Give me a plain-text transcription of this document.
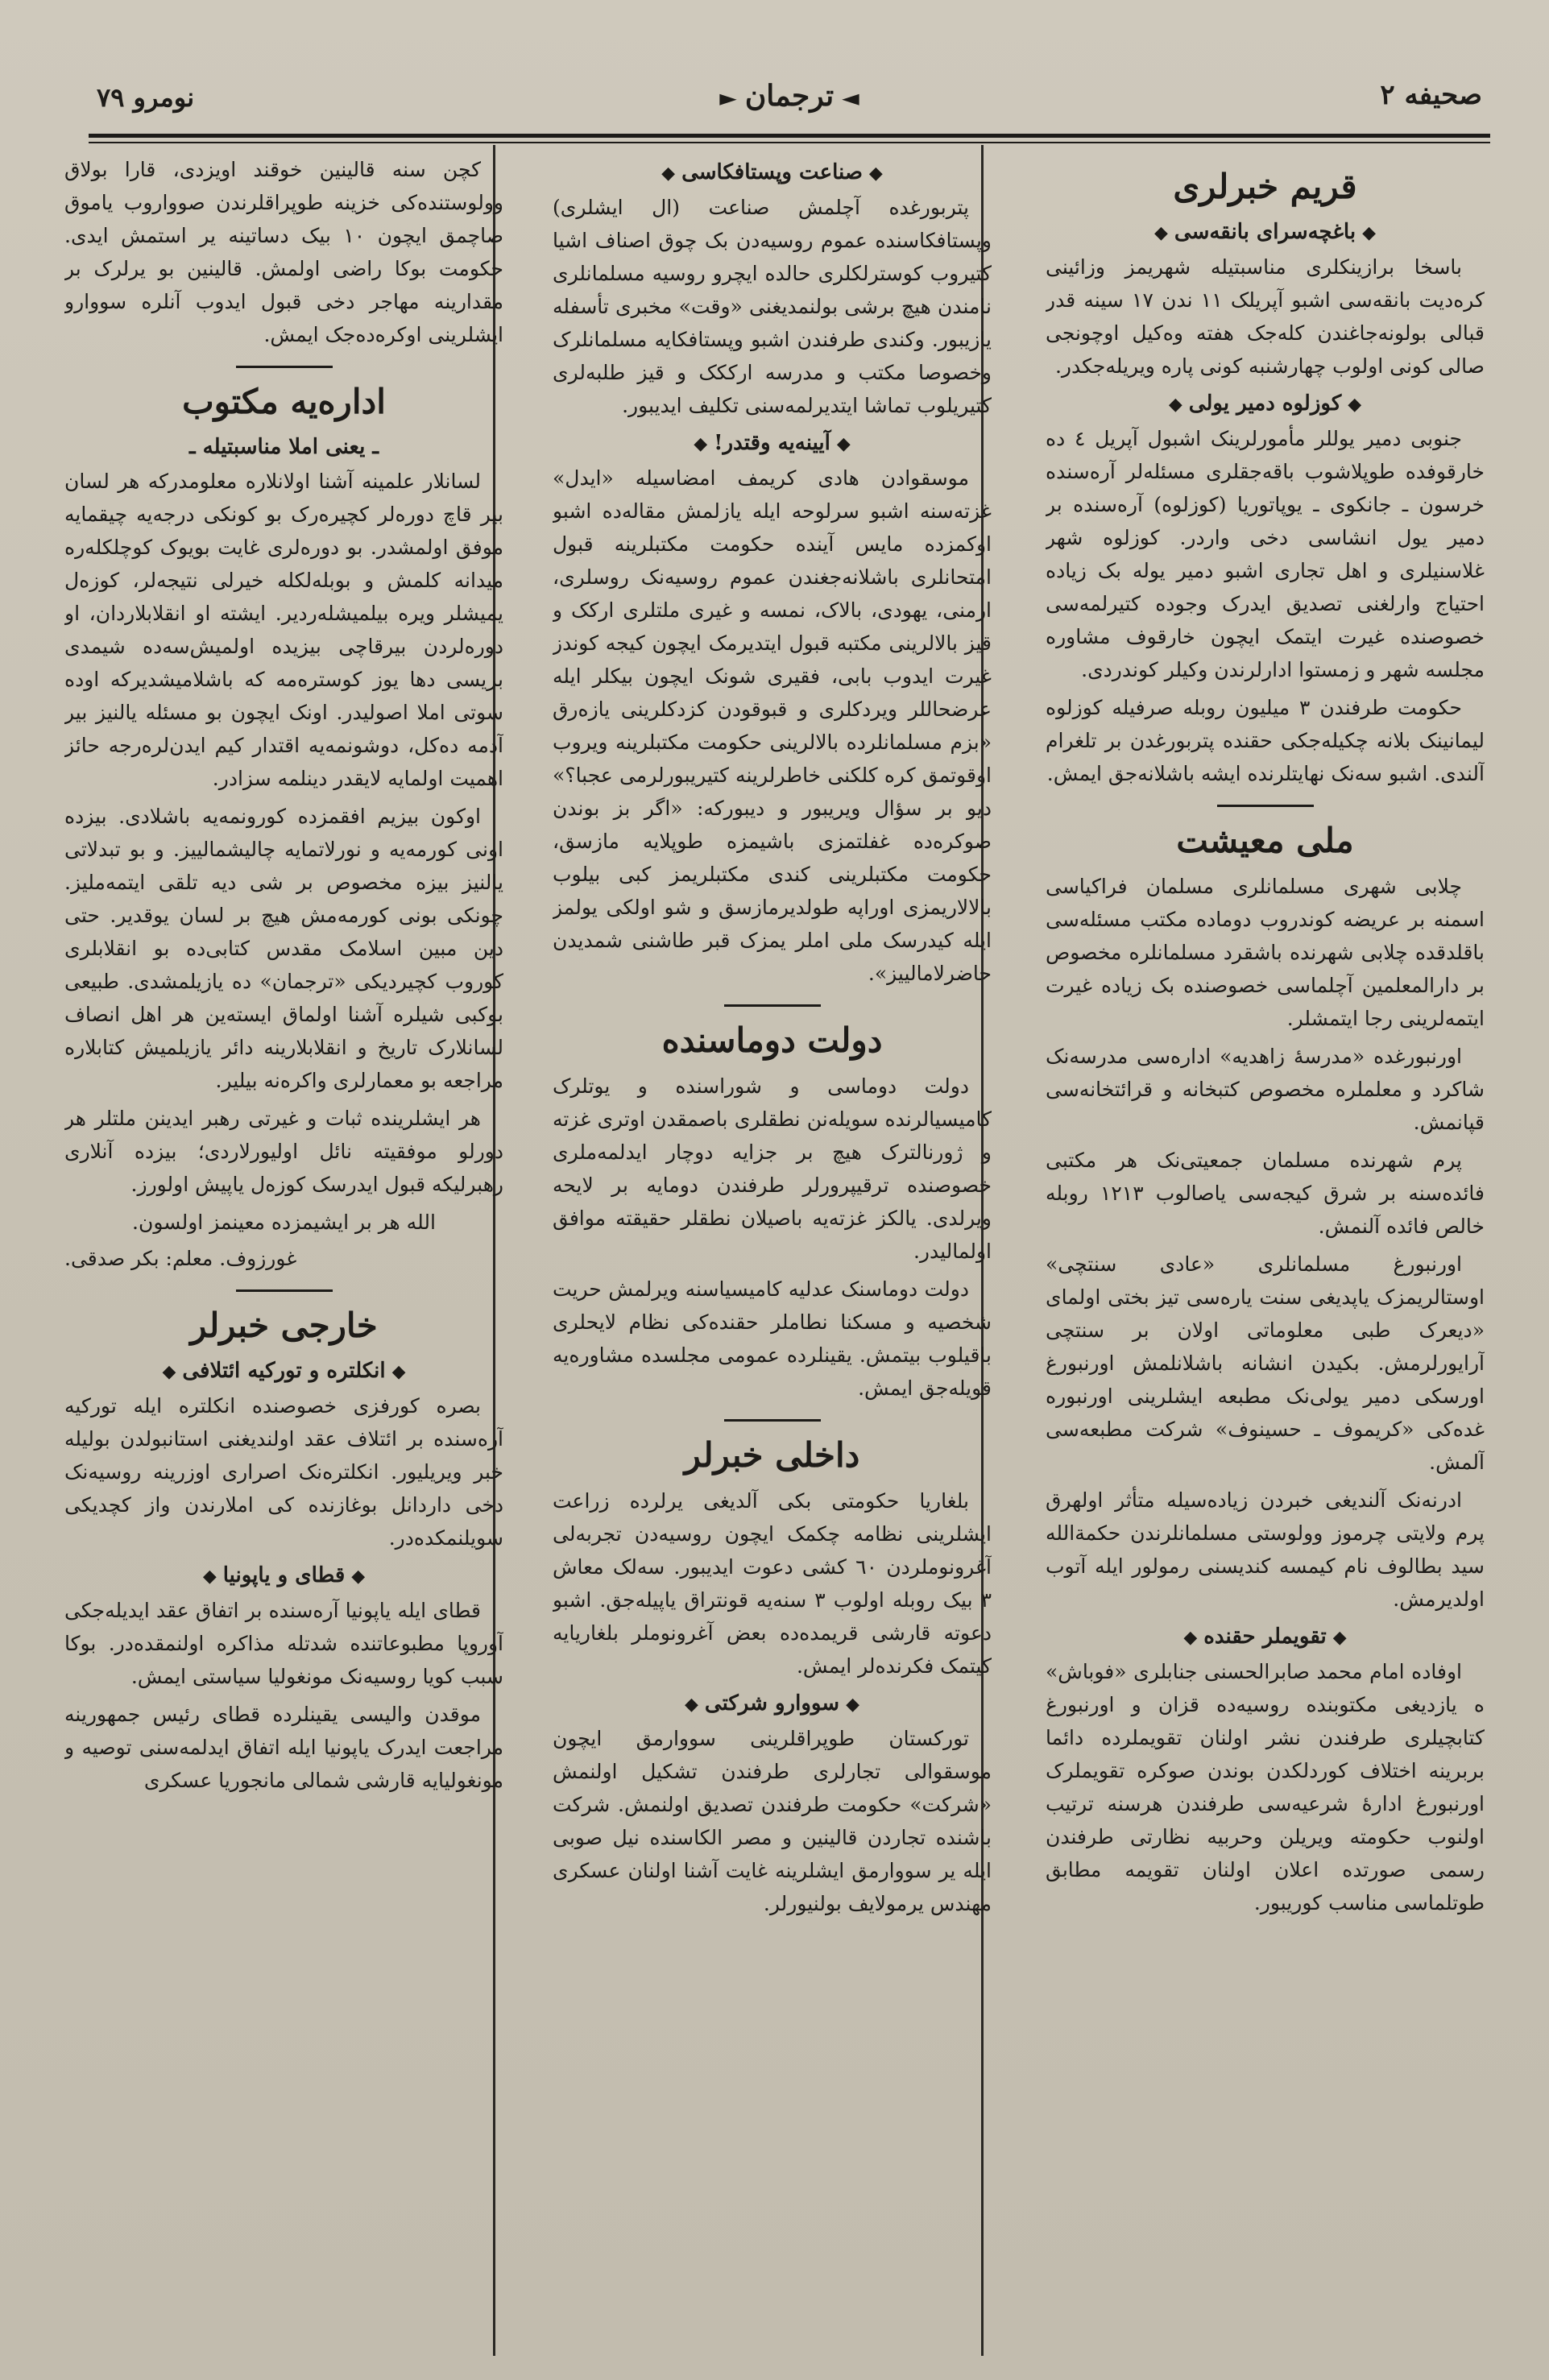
صحیفه ۲
◄ترجمان►
نومرو ۷۹
قریم خبرلری
◆باغچه‌سرای بانقه‌سی◆

باسخا برازینکلری مناسبتیله شهریمز وزائینی کره‌دیت بانقه‌سی اشبو آپریلک ۱۱ ندن ۱۷ سینه قدر قبالی بولونه‌جاغندن کله‌جک هفته وه‌کیل اوچونجی ‌صالی کونی اولوب چهارشنبه کونی پاره ویریله‌جکدر.

◆کوزلوه دمیر یولی◆

جنوبی دمیر یوللر مأمورلرینک اشبول آپریل ٤ ده خارقوفده طوپلاشوب باقه‌جقلری مسئله‌لر آره‌سنده خرسون ـ جانکوی ـ یوپاتوریا (کوزلوه) آره‌سنده بر دمیر یول انشاسی دخی واردر. کوزلوه شهر غلاسنیلری و اهل تجاری اشبو دمیر یوله بک زیاده احتیاج وارلغنی تصدیق ایدرک وجوده کتیرلمه‌سی خصوصنده غیرت ایتمک ایچون خارقوف مشاوره مجلسه شهر و زمستوا ادارلرندن وکیلر کوندردی.

حکومت طرفندن ۳ میلیون روبله صرفیله کوزلوه لیمانینک بلانه چکیله‌جکی حقنده پتربورغدن بر تلغرام آلندی. اشبو سه‌نک نهایتلرنده ایشه باشلانه‌جق ایمش.

ملی معیشت

چلابی شهری مسلمانلری مسلمان فراکیاسی اسمنه بر عریضه کوندروب دوماده مکتب مسئله‌سی باقلدقده چلابی شهرنده باشقرد مسلمانلره مخصوص بر دارالمعلمین آچلماسی خصوصنده بک زیاده غیرت ایتمه‌لرینی رجا ایتمشلر.

اورنبورغده «مدرسهٔ زاهدیه» اداره‌سی مدرسه‌نک شاکرد و معلملره مخصوص کتبخانه و قرائتخانه‌سی قپانمش.

پرم شهرنده مسلمان جمعیتی‌نک هر مکتبی فائده‌سنه بر شرق کیجه‌سی یاصالوب ۱۲۱۳ روبله خالص فائده آلنمش.

اورنبورغ مسلمانلری «عادی سنتچی» اوستالریمزک یاپدیغی سنت یاره‌سی تیز بختی اولمای «دیعرک طبی معلوماتی اولان بر سنتچی آرایورلرمش. بکیدن انشانه باشلانلمش اورنبورغ اورسکی دمیر یولی‌نک مطبعه ایشلرینی اورنبوره غده‌کی «کریموف ـ حسینوف» شرکت مطبعه‌سی آلمش.

ادرنه‌نک آلندیغی خبردن زیاده‌سیله متأثر اولهرق پرم ولایتی چرموز وولوستی مسلمانلرندن حکمةالله سید بطالوف نام کیمسه کندیسنی رمولور ایله آتوب اولدیرمش.

◆تقویملر حقنده◆

اوفاده امام محمد صابرالحسنی جنابلری «فوباش» ه یازدیغی مکتوبنده روسیه‌ده قزان و اورنبورغ کتابچیلری طرفندن نشر اولنان تقویملرده دائما بربرینه اختلاف کوردلکدن بوندن صوکره تقویملرک اورنبورغ ادارهٔ شرعیه‌سی طرفندن هرسنه ترتیب اولنوب حکومته ویریلن وحربیه نظارتی طرفندن رسمی صورتده اعلان اولنان تقویمه مطابق طوتلماسی مناسب کوریبور.

◆صناعت وپستافکاسی◆

پتربورغده آچلمش صناعت (ال ایشلری) وپستافکاسنده عموم روسیه‌دن بک چوق اصناف اشیا کتیروب کوسترلکلری حالده ایچرو روسیه مسلمانلری نامندن هیچ برشی بولنمدیغنی «وقت» مخبری تأسفله یازیبور. وکندی طرفندن اشبو وپستافکایه مسلمانلرک وخصوصا مکتب و مدرسه ارککک و قیز طلبه‌لری کتیریلوب تماشا ایتدیرلمه‌سنی تکلیف ایدیبور.

◆آیینه‌یه وقتدر!◆

موسقوادن هادی کریمف امضاسیله «اید‌ل» غزته‌سنه اشبو سرلوحه ایله یازلمش مقاله‌ده اشبو اوکمزده مایس آینده حکومت مکتبلرینه قبول امتحانلری باشلانه‌جغندن عموم روسیه‌نک روسلری، ارمنی، یهودی، بالاک، نمسه و غیری ملتلری ارکک و قیز بالالرینی مکتبه قبول ایتدیرمک ایچون کیجه کوندز غیرت ایدوب بابی، فقیری شونک ایچون بیکلر ایله عرضحاللر ویردکلری و قبوقودن کزدکلرینی یازه‌رق «بزم مسلمانلرده بالالرینی حکومت مکتبلرینه ویروب اوقوتمق کره کلکنی خاطرلرینه کتیریبورلرمی عجبا؟» دیو بر سؤال ویریبور و دیبورکه: «اگر بز بوندن صوکره‌ده غفلتمزی باشیمزه طوپلایه مازسق، حکومت مکتبلرینی کندی مکتبلریمز کبی بیلوب بالالاریمزی اوراپه طولدیرمازسق و شو اولکی یولمز ایله کیدرسک ملی املر یمزک قبر طاشنی شمدیدن حاضرلاماليیز».

دولت دوماسنده

دولت دوماسی و شوراسنده و یوتلرک کامیسیالرنده سویله‌نن نطقلری باصمقدن اوتری غزته و ژورنالترک هیچ بر جزایه دوچار ایدلمه‌ملری خصوصنده ترقیپرورلر طرفندن دومایه بر لایحه ویرلدی. یالکز غزته‌یه باصیلان نطقلر حقیقته موافق اولمالیدر.

دولت دوماسنک عدلیه کامیسیاسنه ویرلمش حریت شخصیه و مسکنا نطاملر حقنده‌کی نظام لایحلری باقیلوب بیتمش. یقینلرده عمومی مجلسده مشاوره‌یه قویله‌جق ایمش.

داخلی خبرلر

بلغاریا حکومتی بکی آلدیغی یرلرده زراعت ایشلرینی نظامه چکمک ایچون روسیه‌دن تجربه‌لی آغرونوملردن ٦٠ کشی دعوت ایدیبور. سه‌لک معاش ۳ بیک روبله اولوب ۳ سنه‌یه قونتراق یاپیله‌جق. اشبو دعوته قارشی قریمده‌ده بعض آغرونوملر بلغاریایه کیتمک فکرنده‌لر ایمش.

◆سووارو شرکتی◆

تورکستان طوپراقلرینی سووارمق ایچون موسقوالی تجارلری طرفندن تشکیل اولنمش «شرکت» حکومت طرفندن تصدیق اولنمش. شرکت باشنده تجاردن قالینین و مصر الکاسنده نیل صوبی ایله یر سووارمق ایشلرینه غایت آشنا اولنان عسکری مهندس یرمولایف بولنیورلر.

کچن سنه قالینین خوقند اویزدی، قارا بولاق وولوستنده‌کی خزینه طوپراقلرندن صوواروب یاموق صاچمق ایچون ١٠ بیک دساتینه یر استمش ایدی. حکومت بوکا راضی اولمش. قالینین بو یرلرک بر مقدارینه مهاجر دخی قبول ایدوب آنلره سووارو ایشلرینی اوکره‌ده‌جک ایمش.

اداره‌یه مکتوب
ـ یعنی املا مناسبتیله ـ

لسانلار علمینه آشنا اولانلاره معلومدرکه هر لسان بیر قاچ دوره‌لر کچیره‌رک بو کونکی درجه‌یه چیقمایه موفق اولمشدر. بو دوره‌لری غایت بویوک کوچلکله‌ره میدانه کلمش و بوبله‌لکله خیرلی نتیجه‌لر، کوزه‌ل یمیشلر ویره بیلمیشله‌ردیر. ایشته او انقلابلاردان، او دوره‌لردن بیرقاچی بیزیده اولمیش‌سه‌ده شیمدی بریسی دها یوز کوستره‌مه که باشلامیشدیرکه اوده سوتی املا اصولیدر. اونک ایچون بو مسئله یالنیز بیر آدمه ده‌کل، دوشونمه‌یه اقتدار کیم ایدن‌لره‌رجه حائز اهمیت اولمایه لایقدر دینلمه سزادر.

اوکون بیزیم افقمزده کورونمه‌یه باشلادی. بیزده اونی کورمه‌یه و نورلاتمایه چالیشمالییز. و بو تبدلاتی یالنیز بیزه مخصوص بر شی دیه تلقی ایتمه‌ملیز. چونکی بونی کورمه‌مش هیچ بر لسان یوقدیر. حتی دین مبین اسلامک مقدس کتابی‌ده بو انقلابلری کوروب کچیردیکی «ترجمان» ده یازیلمشدی. طبیعی بوکبی شیلره آشنا اولماق ایسته‌ین هر اهل انصاف لسانلارک تاریخ و انقلابلارینه دائر یازیلمیش کتابلاره مراجعه بو معمارلری واکره‌نه بیلیر.

هر ایشلرینده ثبات و غیرتی رهبر ایدینن ملتلر هر دورلو موفقیته نائل اولیورلاردی؛ بیزده آنلاری رهبرلیکه قبول ایدرسک کوزه‌ل یاپیش اولورز.

الله هر بر ایشیمزده معینمز اولسون.
غورزوف. معلم: بکر صدقی.
خارجی خبرلر
◆انکلتره و تورکیه ائتلافی◆

بصره کورفزی خصوصنده انکلتره ایله تورکیه آره‌سنده بر ائتلاف عقد اولندیغنی استانبولدن بولیله خبر ویریلیور. انکلتره‌نک اصراری اوزرینه روسیه‌نک دخی داردانل بوغازنده کی املارندن واز کچدیکی سویلنمکده‌در.

◆قطای و یاپونیا◆

قطای ایله یاپونیا آره‌سنده بر اتفاق عقد ایدیله‌جکی آوروپا مطبوعاتنده شدتله مذاکره اولنمقده‌در. بوکا سبب کویا روسیه‌نک مونغولیا سیاستی ایمش.

موقدن والیسی یقینلرده قطای رئیس جمهورینه مراجعت ایدرک یاپونیا ایله اتفاق ایدلمه‌سنی توصیه و مونغولیایه قارشی شمالی مانجوریا عسکری
